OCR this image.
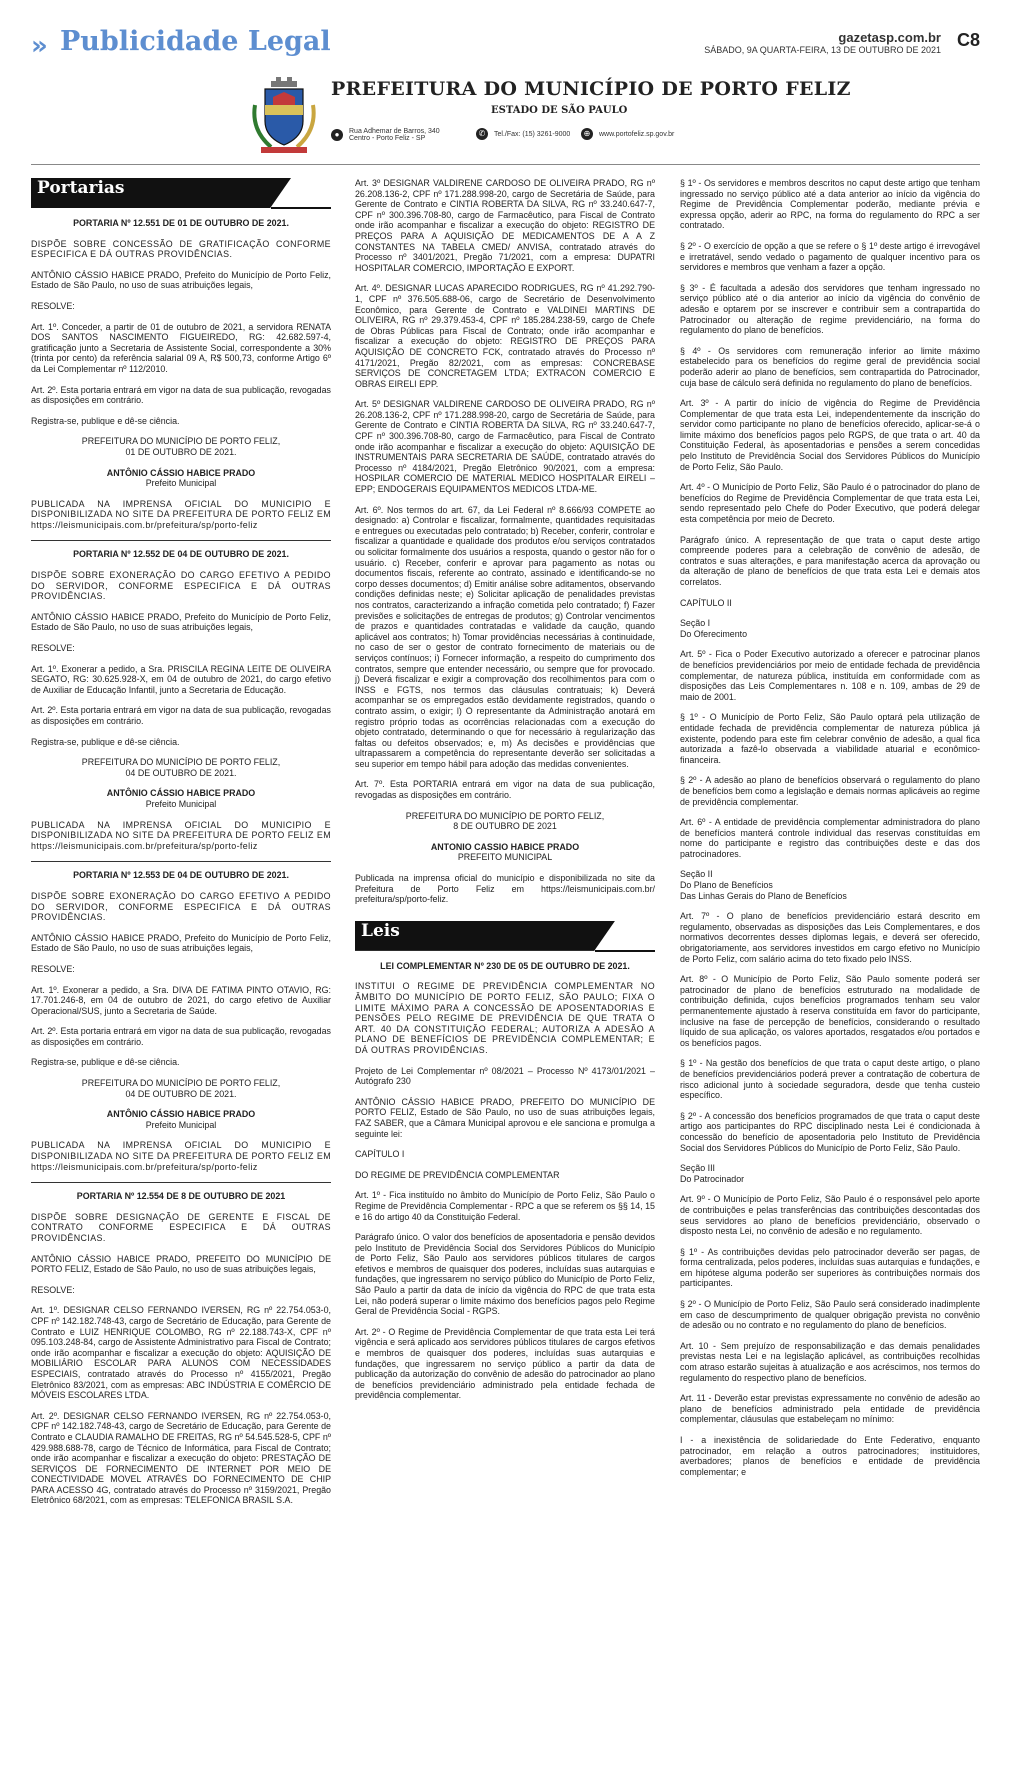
» Publicidade Legal	gazetasp.com.br
SÁBADO, 9A QUARTA-FEIRA, 13 DE OUTUBRO DE 2021 C8
PREFEITURA DO MUNICÍPIO DE PORTO FELIZ
ESTADO DE SÃO PAULO
●	Rua Adhemar de Barros, 340 Centro - Porto Feliz - SP
✆	Tel./Fax: (15) 3261-9000	⊕	www.portofeliz.sp.gov.br
Portarias

PORTARIA Nº 12.551 DE 01 DE OUTUBRO DE 2021.

DISPÕE SOBRE CONCESSÃO DE GRATIFICAÇÃO CONFORME ESPECIFICA E DÁ OUTRAS PROVIDÊNCIAS.

ANTÔNIO CÁSSIO HABICE PRADO, Prefeito do Município de Porto Feliz, Estado de São Paulo, no uso de suas atribuições legais,

RESOLVE:

Art. 1º. Conceder, a partir de 01 de outubro de 2021, a servidora RENATA DOS SANTOS NASCIMENTO FIGUEIREDO, RG: 42.682.597-4, gratificação junto a Secretaria de Assistente Social, correspondente a 30% (trinta por cento) da referência salarial 09 A, R$ 500,73, conforme Artigo 6º da Lei Complementar nº 112/2010.

Art. 2º. Esta portaria entrará em vigor na data de sua publicação, revogadas as disposições em contrário.

Registra-se, publique e dê-se ciência.

PREFEITURA DO MUNICÍPIO DE PORTO FELIZ,

01 DE OUTUBRO DE 2021.

ANTÔNIO CÁSSIO HABICE PRADO

Prefeito Municipal

PUBLICADA NA IMPRENSA OFICIAL DO MUNICIPIO E DISPONIBILIZADA NO SITE DA PREFEITURA DE PORTO FELIZ EM https://leismunicipais.com.br/prefeitura/sp/porto-feliz

PORTARIA Nº 12.552 DE 04 DE OUTUBRO DE 2021.

DISPÕE SOBRE EXONERAÇÃO DO CARGO EFETIVO A PEDIDO DO SERVIDOR, CONFORME ESPECIFICA E DÁ OUTRAS PROVIDÊNCIAS.

ANTÔNIO CÁSSIO HABICE PRADO, Prefeito do Município de Porto Feliz, Estado de São Paulo, no uso de suas atribuições legais,

RESOLVE:

Art. 1º. Exonerar a pedido, a Sra. PRISCILA REGINA LEITE DE OLIVEIRA SEGATO, RG: 30.625.928-X, em 04 de outubro de 2021, do cargo efetivo de Auxiliar de Educação Infantil, junto a Secretaria de Educação.

Art. 2º. Esta portaria entrará em vigor na data de sua publicação, revogadas as disposições em contrário.

Registra-se, publique e dê-se ciência.

PREFEITURA DO MUNICÍPIO DE PORTO FELIZ,

04 DE OUTUBRO DE 2021.

ANTÔNIO CÁSSIO HABICE PRADO

Prefeito Municipal

PUBLICADA NA IMPRENSA OFICIAL DO MUNICIPIO E DISPONIBILIZADA NO SITE DA PREFEITURA DE PORTO FELIZ EM https://leismunicipais.com.br/prefeitura/sp/porto-feliz

PORTARIA Nº 12.553 DE 04 DE OUTUBRO DE 2021.

DISPÕE SOBRE EXONERAÇÃO DO CARGO EFETIVO A PEDIDO DO SERVIDOR, CONFORME ESPECIFICA E DÁ OUTRAS PROVIDÊNCIAS.

ANTÔNIO CÁSSIO HABICE PRADO, Prefeito do Município de Porto Feliz, Estado de São Paulo, no uso de suas atribuições legais,

RESOLVE:

Art. 1º. Exonerar a pedido, a Sra. DIVA DE FATIMA PINTO OTAVIO, RG: 17.701.246-8, em 04 de outubro de 2021, do cargo efetivo de Auxiliar Operacional/SUS, junto a Secretaria de Saúde.

Art. 2º. Esta portaria entrará em vigor na data de sua publicação, revogadas as disposições em contrário.

Registra-se, publique e dê-se ciência.

PREFEITURA DO MUNICÍPIO DE PORTO FELIZ,

04 DE OUTUBRO DE 2021.

ANTÔNIO CÁSSIO HABICE PRADO

Prefeito Municipal

PUBLICADA NA IMPRENSA OFICIAL DO MUNICIPIO E DISPONIBILIZADA NO SITE DA PREFEITURA DE PORTO FELIZ EM https://leismunicipais.com.br/prefeitura/sp/porto-feliz

PORTARIA Nº 12.554 DE 8 DE OUTUBRO DE 2021

DISPÕE SOBRE DESIGNAÇÃO DE GERENTE E FISCAL DE CONTRATO CONFORME ESPECIFICA E DÁ OUTRAS PROVIDÊNCIAS.

ANTÔNIO CÁSSIO HABICE PRADO, PREFEITO DO MUNICÍPIO DE PORTO FELIZ, Estado de São Paulo, no uso de suas atribuições legais,

RESOLVE:

Art. 1º. DESIGNAR CELSO FERNANDO IVERSEN, RG nº 22.754.053-0, CPF nº 142.182.748-43, cargo de Secretário de Educação, para Gerente de Contrato e LUIZ HENRIQUE COLOMBO, RG nº 22.188.743-X, CPF nº 095.103.248-84, cargo de Assistente Administrativo para Fiscal de Contrato; onde irão acompanhar e fiscalizar a execução do objeto: AQUISIÇÃO DE MOBILIÁRIO ESCOLAR PARA ALUNOS COM NECESSIDADES ESPECIAIS, contratado através do Processo nº 4155/2021, Pregão Eletrônico 83/2021, com as empresas: ABC INDÚSTRIA E COMÉRCIO DE MÓVEIS ESCOLARES LTDA.

Art. 2º. DESIGNAR CELSO FERNANDO IVERSEN, RG nº 22.754.053-0, CPF nº 142.182.748-43, cargo de Secretário de Educação, para Gerente de Contrato e CLAUDIA RAMALHO DE FREITAS, RG nº 54.545.528-5, CPF nº 429.988.688-78, cargo de Técnico de Informática, para Fiscal de Contrato; onde irão acompanhar e fiscalizar a execução do objeto: PRESTAÇÃO DE SERVIÇOS DE FORNECIMENTO DE INTERNET POR MEIO DE CONECTIVIDADE MOVEL ATRAVÉS DO FORNECIMENTO DE CHIP PARA ACESSO 4G, contratado através do Processo nº 3159/2021, Pregão Eletrônico 68/2021, com as empresas: TELEFONICA BRASIL S.A.

Art. 3º DESIGNAR VALDIRENE CARDOSO DE OLIVEIRA PRADO, RG nº 26.208.136-2, CPF nº 171.288.998-20, cargo de Secretária de Saúde, para Gerente de Contrato e CINTIA ROBERTA DA SILVA, RG nº 33.240.647-7, CPF nº 300.396.708-80, cargo de Farmacêutico, para Fiscal de Contrato onde irão acompanhar e fiscalizar a execução do objeto: REGISTRO DE PREÇOS PARA A AQUISIÇÃO DE MEDICAMENTOS DE A A Z CONSTANTES NA TABELA CMED/ ANVISA, contratado através do Processo nº 3401/2021, Pregão 71/2021, com a empresa: DUPATRI HOSPITALAR COMERCIO, IMPORTAÇÃO E EXPORT.

Art. 4º. DESIGNAR LUCAS APARECIDO RODRIGUES, RG nº 41.292.790-1, CPF nº 376.505.688-06, cargo de Secretário de Desenvolvimento Econômico, para Gerente de Contrato e VALDINEI MARTINS DE OLIVEIRA, RG nº 29.379.453-4, CPF nº 185.284.238-59, cargo de Chefe de Obras Públicas para Fiscal de Contrato; onde irão acompanhar e fiscalizar a execução do objeto: REGISTRO DE PREÇOS PARA AQUISIÇÃO DE CONCRETO FCK, contratado através do Processo nº 4171/2021, Pregão 82/2021, com as empresas: CONCREBASE SERVIÇOS DE CONCRETAGEM LTDA; EXTRACON COMERCIO E OBRAS EIRELI EPP.

Art. 5º DESIGNAR VALDIRENE CARDOSO DE OLIVEIRA PRADO, RG nº 26.208.136-2, CPF nº 171.288.998-20, cargo de Secretária de Saúde, para Gerente de Contrato e CINTIA ROBERTA DA SILVA, RG nº 33.240.647-7, CPF nº 300.396.708-80, cargo de Farmacêutico, para Fiscal de Contrato onde irão acompanhar e fiscalizar a execução do objeto: AQUISIÇÃO DE INSTRUMENTAIS PARA SECRETARIA DE SAÚDE, contratado através do Processo nº 4184/2021, Pregão Eletrônico 90/2021, com a empresa: HOSPILAR COMERCIO DE MATERIAL MEDICO HOSPITALAR EIRELI – EPP; ENDOGERAIS EQUIPAMENTOS MEDICOS LTDA-ME.

Art. 6º. Nos termos do art. 67, da Lei Federal nº 8.666/93 COMPETE ao designado: a) Controlar e fiscalizar, formalmente, quantidades requisitadas e entregues ou executadas pelo contratado; b) Receber, conferir, controlar e fiscalizar a quantidade e qualidade dos produtos e/ou serviços contratados ou solicitar formalmente dos usuários a resposta, quando o gestor não for o usuário. c) Receber, conferir e aprovar para pagamento as notas ou documentos fiscais, referente ao contrato, assinado e identificando-se no corpo desses documentos; d) Emitir análise sobre aditamentos, observando condições definidas neste; e) Solicitar aplicação de penalidades previstas nos contratos, caracterizando a infração cometida pelo contratado; f) Fazer previsões e solicitações de entregas de produtos; g) Controlar vencimentos de prazos e quantidades contratadas e validade da caução, quando aplicável aos contratos; h) Tomar providências necessárias à continuidade, no caso de ser o gestor de contrato fornecimento de materiais ou de serviços contínuos; i) Fornecer informação, a respeito do cumprimento dos contratos, sempre que entender necessário, ou sempre que for provocado. j) Deverá fiscalizar e exigir a comprovação dos recolhimentos para com o INSS e FGTS, nos termos das cláusulas contratuais; k) Deverá acompanhar se os empregados estão devidamente registrados, quando o contrato assim, o exigir; l) O representante da Administração anotará em registro próprio todas as ocorrências relacionadas com a execução do objeto contratado, determinando o que for necessário à regularização das faltas ou defeitos observados; e, m) As decisões e providências que ultrapassarem a competência do representante deverão ser solicitadas a seu superior em tempo hábil para adoção das medidas convenientes.

Art. 7º. Esta PORTARIA entrará em vigor na data de sua publicação, revogadas as disposições em contrário.

PREFEITURA DO MUNICÍPIO DE PORTO FELIZ,

8 DE OUTUBRO DE 2021

ANTONIO CASSIO HABICE PRADO

PREFEITO MUNICIPAL

Publicada na imprensa oficial do município e disponibilizada no site da Prefeitura de Porto Feliz em https://leismunicipais.com.br/ prefeitura/sp/porto-feliz.

Leis

LEI COMPLEMENTAR Nº 230 DE 05 DE OUTUBRO DE 2021.

INSTITUI O REGIME DE PREVIDÊNCIA COMPLEMENTAR NO ÂMBITO DO MUNICÍPIO DE PORTO FELIZ, SÃO PAULO; FIXA O LIMITE MÁXIMO PARA A CONCESSÃO DE APOSENTADORIAS E PENSÕES PELO REGIME DE PREVIDÊNCIA DE QUE TRATA O ART. 40 DA CONSTITUIÇÃO FEDERAL; AUTORIZA A ADESÃO A PLANO DE BENEFÍCIOS DE PREVIDÊNCIA COMPLEMENTAR; E DÁ OUTRAS PROVIDÊNCIAS.

Projeto de Lei Complementar nº 08/2021 – Processo Nº 4173/01/2021 – Autógrafo 230

ANTÔNIO CÁSSIO HABICE PRADO, PREFEITO DO MUNICÍPIO DE PORTO FELIZ, Estado de São Paulo, no uso de suas atribuições legais, FAZ SABER, que a Câmara Municipal aprovou e ele sanciona e promulga a seguinte lei:

CAPÍTULO I

DO REGIME DE PREVIDÊNCIA COMPLEMENTAR

Art. 1º - Fica instituído no âmbito do Município de Porto Feliz, São Paulo o Regime de Previdência Complementar - RPC a que se referem os §§ 14, 15 e 16 do artigo 40 da Constituição Federal.

Parágrafo único. O valor dos benefícios de aposentadoria e pensão devidos pelo Instituto de Previdência Social dos Servidores Públicos do Município de Porto Feliz, São Paulo aos servidores públicos titulares de cargos efetivos e membros de quaisquer dos poderes, incluídas suas autarquias e fundações, que ingressarem no serviço público do Município de Porto Feliz, São Paulo a partir da data de início da vigência do RPC de que trata esta Lei, não poderá superar o limite máximo dos benefícios pagos pelo Regime Geral de Previdência Social - RGPS.

Art. 2º - O Regime de Previdência Complementar de que trata esta Lei terá vigência e será aplicado aos servidores públicos titulares de cargos efetivos e membros de quaisquer dos poderes, incluídas suas autarquias e fundações, que ingressarem no serviço público a partir da data de publicação da autorização do convênio de adesão do patrocinador ao plano de benefícios previdenciário administrado pela entidade fechada de previdência complementar.

§ 1º - Os servidores e membros descritos no caput deste artigo que tenham ingressado no serviço público até a data anterior ao início da vigência do Regime de Previdência Complementar poderão, mediante prévia e expressa opção, aderir ao RPC, na forma do regulamento do RPC a ser contratado.

§ 2º - O exercício de opção a que se refere o § 1º deste artigo é irrevogável e irretratável, sendo vedado o pagamento de qualquer incentivo para os servidores e membros que venham a fazer a opção.

§ 3º - É facultada a adesão dos servidores que tenham ingressado no serviço público até o dia anterior ao início da vigência do convênio de adesão e optarem por se inscrever e contribuir sem a contrapartida do Patrocinador ou alteração de regime previdenciário, na forma do regulamento do plano de benefícios.

§ 4º - Os servidores com remuneração inferior ao limite máximo estabelecido para os benefícios do regime geral de previdência social poderão aderir ao plano de benefícios, sem contrapartida do Patrocinador, cuja base de cálculo será definida no regulamento do plano de benefícios.

Art. 3º - A partir do início de vigência do Regime de Previdência Complementar de que trata esta Lei, independentemente da inscrição do servidor como participante no plano de benefícios oferecido, aplicar-se-á o limite máximo dos benefícios pagos pelo RGPS, de que trata o art. 40 da Constituição Federal, às aposentadorias e pensões a serem concedidas pelo Instituto de Previdência Social dos Servidores Públicos do Município de Porto Feliz, São Paulo.

Art. 4º - O Município de Porto Feliz, São Paulo é o patrocinador do plano de benefícios do Regime de Previdência Complementar de que trata esta Lei, sendo representado pelo Chefe do Poder Executivo, que poderá delegar esta competência por meio de Decreto.

Parágrafo único. A representação de que trata o caput deste artigo compreende poderes para a celebração de convênio de adesão, de contratos e suas alterações, e para manifestação acerca da aprovação ou da alteração de plano de benefícios de que trata esta Lei e demais atos correlatos.

CAPÍTULO II

Seção I

Do Oferecimento

Art. 5º - Fica o Poder Executivo autorizado a oferecer e patrocinar planos de benefícios previdenciários por meio de entidade fechada de previdência complementar, de natureza pública, instituída em conformidade com as disposições das Leis Complementares n. 108 e n. 109, ambas de 29 de maio de 2001.

§ 1º - O Município de Porto Feliz, São Paulo optará pela utilização de entidade fechada de previdência complementar de natureza pública já existente, podendo para este fim celebrar convênio de adesão, a qual fica autorizada a fazê-lo observada a viabilidade atuarial e econômico-financeira.

§ 2º - A adesão ao plano de benefícios observará o regulamento do plano de benefícios bem como a legislação e demais normas aplicáveis ao regime de previdência complementar.

Art. 6º - A entidade de previdência complementar administradora do plano de benefícios manterá controle individual das reservas constituídas em nome do participante e registro das contribuições deste e das dos patrocinadores.

Seção II

Do Plano de Benefícios

Das Linhas Gerais do Plano de Benefícios

Art. 7º - O plano de benefícios previdenciário estará descrito em regulamento, observadas as disposições das Leis Complementares, e dos normativos decorrentes desses diplomas legais, e deverá ser oferecido, obrigatoriamente, aos servidores investidos em cargo efetivo no Município de Porto Feliz, com salário acima do teto fixado pelo INSS.

Art. 8º - O Município de Porto Feliz, São Paulo somente poderá ser patrocinador de plano de benefícios estruturado na modalidade de contribuição definida, cujos benefícios programados tenham seu valor permanentemente ajustado à reserva constituída em favor do participante, inclusive na fase de percepção de benefícios, considerando o resultado líquido de sua aplicação, os valores aportados, resgatados e/ou portados e os benefícios pagos.

§ 1º - Na gestão dos benefícios de que trata o caput deste artigo, o plano de benefícios previdenciários poderá prever a contratação de cobertura de risco adicional junto à sociedade seguradora, desde que tenha custeio específico.

§ 2º - A concessão dos benefícios programados de que trata o caput deste artigo aos participantes do RPC disciplinado nesta Lei é condicionada à concessão do benefício de aposentadoria pelo Instituto de Previdência Social dos Servidores Públicos do Município de Porto Feliz, São Paulo.

Seção III

Do Patrocinador

Art. 9º - O Município de Porto Feliz, São Paulo é o responsável pelo aporte de contribuições e pelas transferências das contribuições descontadas dos seus servidores ao plano de benefícios previdenciário, observado o disposto nesta Lei, no convênio de adesão e no regulamento.

§ 1º - As contribuições devidas pelo patrocinador deverão ser pagas, de forma centralizada, pelos poderes, incluídas suas autarquias e fundações, e em hipótese alguma poderão ser superiores às contribuições normais dos participantes.

§ 2º - O Município de Porto Feliz, São Paulo será considerado inadimplente em caso de descumprimento de qualquer obrigação prevista no convênio de adesão ou no contrato e no regulamento do plano de benefícios.

Art. 10 - Sem prejuízo de responsabilização e das demais penalidades previstas nesta Lei e na legislação aplicável, as contribuições recolhidas com atraso estarão sujeitas à atualização e aos acréscimos, nos termos do regulamento do respectivo plano de benefícios.

Art. 11 - Deverão estar previstas expressamente no convênio de adesão ao plano de benefícios administrado pela entidade de previdência complementar, cláusulas que estabeleçam no mínimo:

I - a inexistência de solidariedade do Ente Federativo, enquanto patrocinador, em relação a outros patrocinadores; instituidores, averbadores; planos de benefícios e entidade de previdência complementar; e
